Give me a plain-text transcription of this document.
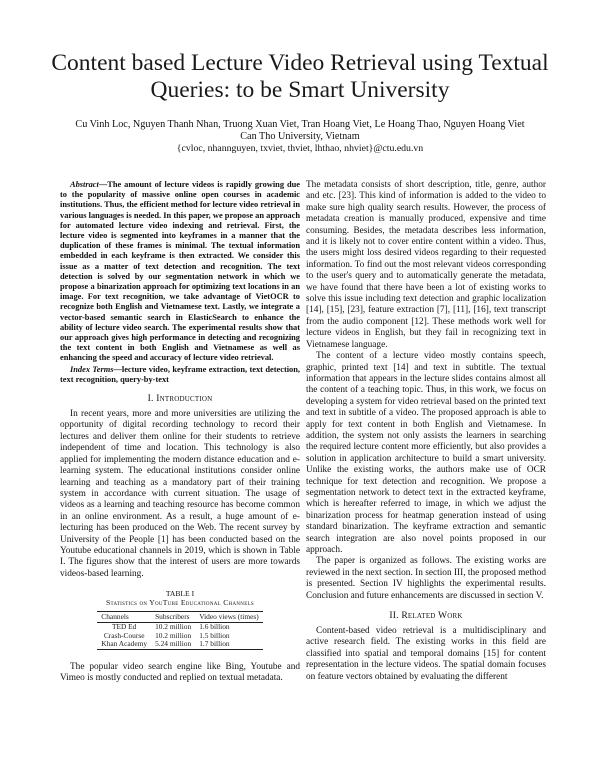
Content based Lecture Video Retrieval using Textual Queries: to be Smart University
Cu Vinh Loc, Nguyen Thanh Nhan, Truong Xuan Viet, Tran Hoang Viet, Le Hoang Thao, Nguyen Hoang Viet
Can Tho University, Vietnam
{cvloc, nhannguyen, txviet, thviet, lhthao, nhviet}@ctu.edu.vn

Abstract—The amount of lecture videos is rapidly growing due to the popularity of massive online open courses in academic institutions. Thus, the efficient method for lecture video retrieval in various languages is needed. In this paper, we propose an approach for automated lecture video indexing and retrieval. First, the lecture video is segmented into keyframes in a manner that the duplication of these frames is minimal. The textual information embedded in each keyframe is then extracted. We consider this issue as a matter of text detection and recognition. The text detection is solved by our segmentation network in which we propose a binarization approach for optimizing text locations in an image. For text recognition, we take advantage of VietOCR to recognize both English and Vietnamese text. Lastly, we integrate a vector-based semantic search in ElasticSearch to enhance the ability of lecture video search. The experimental results show that our approach gives high performance in detecting and recognizing the text content in both English and Vietnamese as well as enhancing the speed and accuracy of lecture video retrieval.

Index Terms—lecture video, keyframe extraction, text detection, text recognition, query-by-text

I. Introduction

In recent years, more and more universities are utilizing the opportunity of digital recording technology to record their lectures and deliver them online for their students to retrieve independent of time and location. This technology is also applied for implementing the modern distance education and e-learning system. The educational institutions consider online learning and teaching as a mandatory part of their training system in accordance with current situation. The usage of videos as a learning and teaching resource has become common in an online environment. As a result, a huge amount of e-lecturing has been produced on the Web. The recent survey by University of the People [1] has been conducted based on the Youtube educational channels in 2019, which is shown in Table I. The figures show that the interest of users are more towards videos-based learning.

TABLE I
Statistics on YouTube Educational Channels
Channels	Subscribers	Video views (times)
TED Ed	10.2 million	1.6 billion
Crash-Course	10.2 million	1.5 billion
Khan Academy	5.24 million	1.7 billion

The popular video search engine like Bing, Youtube and Vimeo is mostly conducted and replied on textual metadata.

The metadata consists of short description, title, genre, author and etc. [23]. This kind of information is added to the video to make sure high quality search results. However, the process of metadata creation is manually produced, expensive and time consuming. Besides, the metadata describes less information, and it is likely not to cover entire content within a video. Thus, the users might loss desired videos regarding to their requested information. To find out the most relevant videos corresponding to the user's query and to automatically generate the metadata, we have found that there have been a lot of existing works to solve this issue including text detection and graphic localization [14], [15], [23], feature extraction [7], [11], [16], text transcript from the audio component [12]. These methods work well for lecture videos in English, but they fail in recognizing text in Vietnamese language.

The content of a lecture video mostly contains speech, graphic, printed text [14] and text in subtitle. The textual information that appears in the lecture slides contains almost all the content of a teaching topic. Thus, in this work, we focus on developing a system for video retrieval based on the printed text and text in subtitle of a video. The proposed approach is able to apply for text content in both English and Vietnamese. In addition, the system not only assists the learners in searching the required lecture content more efficiently, but also provides a solution in application architecture to build a smart university. Unlike the existing works, the authors make use of OCR technique for text detection and recognition. We propose a segmentation network to detect text in the extracted keyframe, which is hereafter referred to image, in which we adjust the binarization process for heatmap generation instead of using standard binarization. The keyframe extraction and semantic search integration are also novel points proposed in our approach.

The paper is organized as follows. The existing works are reviewed in the next section. In section III, the proposed method is presented. Section IV highlights the experimental results. Conclusion and future enhancements are discussed in section V.

II. Related Work

Content-based video retrieval is a multidisciplinary and active research field. The existing works in this field are classified into spatial and temporal domains [15] for content representation in the lecture videos. The spatial domain focuses on feature vectors obtained by evaluating the different
